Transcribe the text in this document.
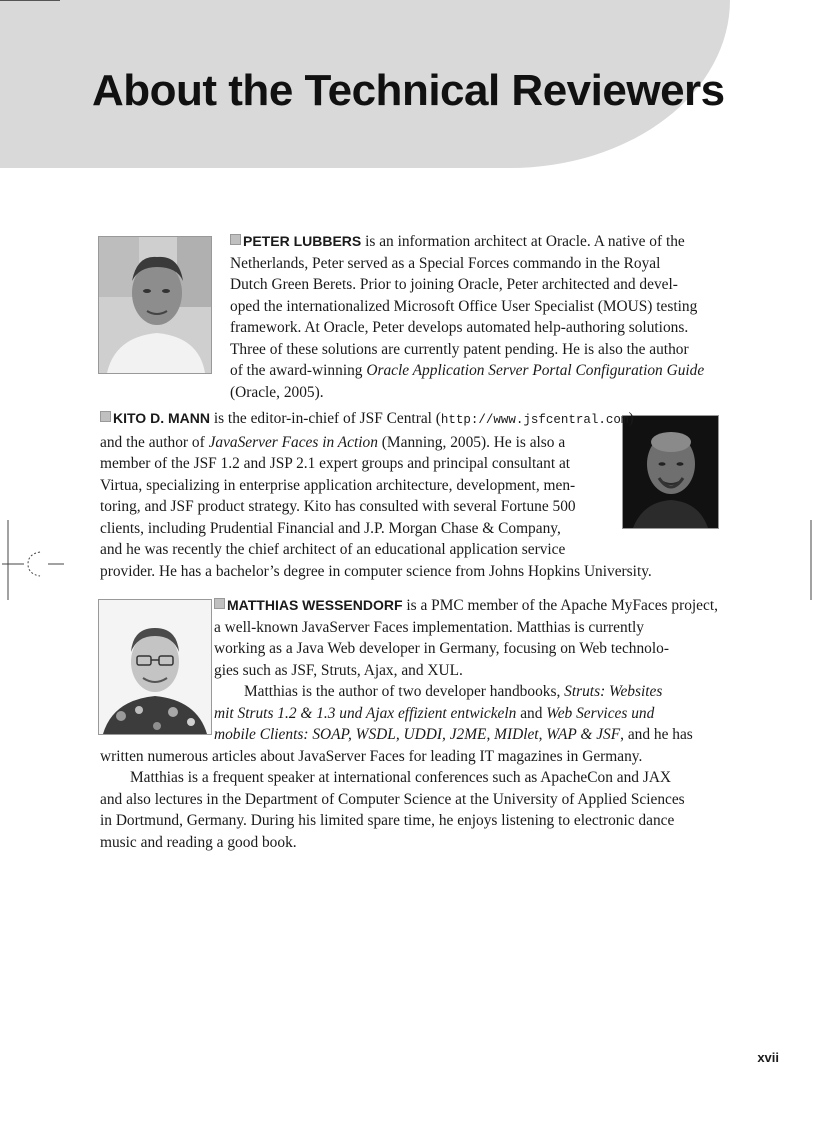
About the Technical Reviewers

PETER LUBBERS is an information architect at Oracle. A native of the
Netherlands, Peter served as a Special Forces commando in the Royal
Dutch Green Berets. Prior to joining Oracle, Peter architected and devel-
oped the internationalized Microsoft Office User Specialist (MOUS) testing
framework. At Oracle, Peter develops automated help-authoring solutions.
Three of these solutions are currently patent pending. He is also the author
of the award-winning Oracle Application Server Portal Configuration Guide
(Oracle, 2005).

KITO D. MANN is the editor-in-chief of JSF Central (http://www.jsfcentral.com)
and the author of JavaServer Faces in Action (Manning, 2005). He is also a
member of the JSF 1.2 and JSP 2.1 expert groups and principal consultant at
Virtua, specializing in enterprise application architecture, development, men-
toring, and JSF product strategy. Kito has consulted with several Fortune 500
clients, including Prudential Financial and J.P. Morgan Chase & Company,
and he was recently the chief architect of an educational application service
provider. He has a bachelor’s degree in computer science from Johns Hopkins University.

MATTHIAS WESSENDORF is a PMC member of the Apache MyFaces project,
a well-known JavaServer Faces implementation. Matthias is currently
working as a Java Web developer in Germany, focusing on Web technolo-
gies such as JSF, Struts, Ajax, and XUL.
Matthias is the author of two developer handbooks, Struts: Websites
mit Struts 1.2 & 1.3 und Ajax effizient entwickeln and Web Services und
mobile Clients: SOAP, WSDL, UDDI, J2ME, MIDlet, WAP & JSF, and he has
written numerous articles about JavaServer Faces for leading IT magazines in Germany.
Matthias is a frequent speaker at international conferences such as ApacheCon and JAX
and also lectures in the Department of Computer Science at the University of Applied Sciences
in Dortmund, Germany. During his limited spare time, he enjoys listening to electronic dance
music and reading a good book.

xvii
